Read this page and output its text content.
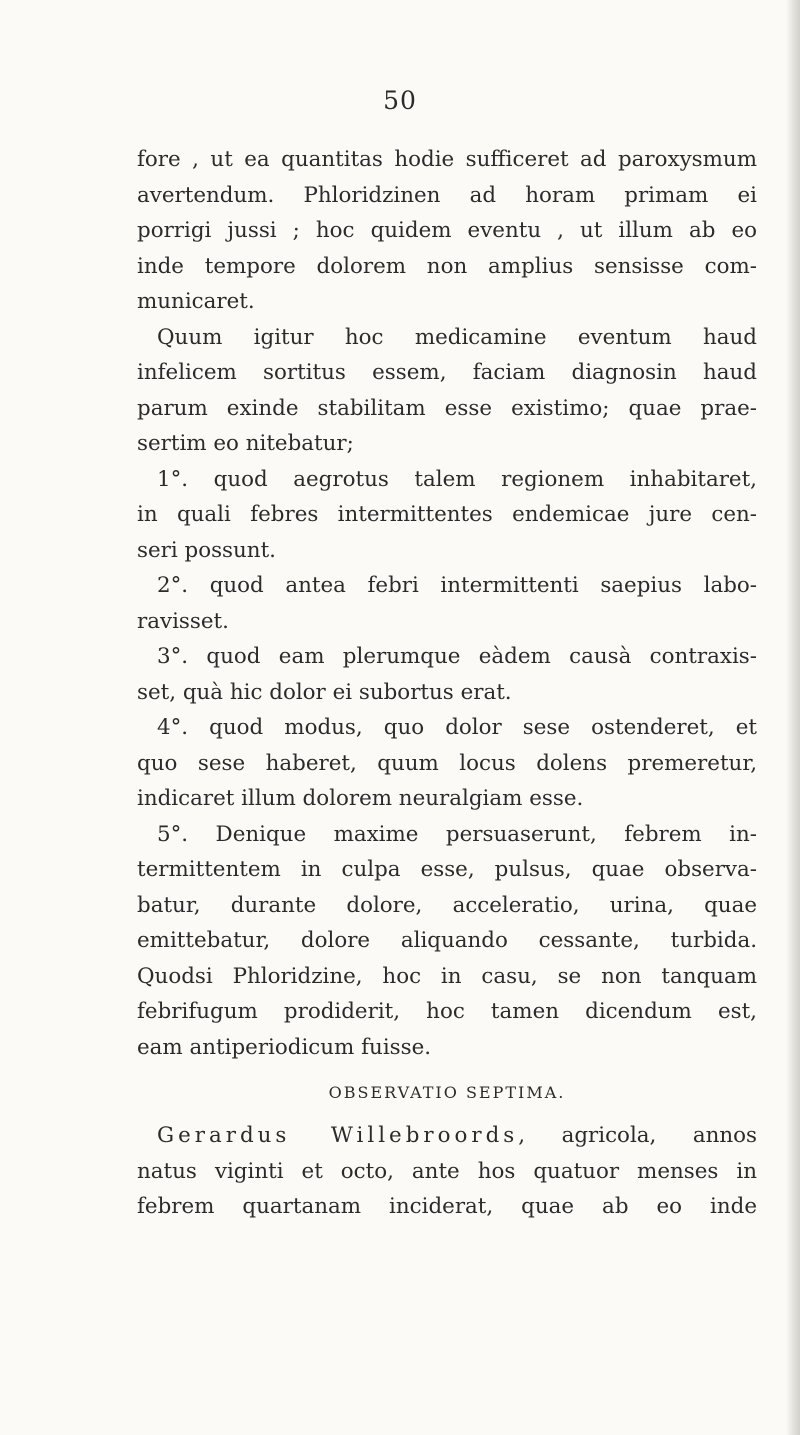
50
fore , ut ea quantitas hodie sufficeret ad paroxysmum
avertendum. Phloridzinen ad horam primam ei
porrigi jussi ; hoc quidem eventu , ut illum ab eo
inde tempore dolorem non amplius sensisse com-
municaret.
Quum igitur hoc medicamine eventum haud
infelicem sortitus essem, faciam diagnosin haud
parum exinde stabilitam esse existimo; quae prae-
sertim eo nitebatur;
1°. quod aegrotus talem regionem inhabitaret,
in quali febres intermittentes endemicae jure cen-
seri possunt.
2°. quod antea febri intermittenti saepius labo-
ravisset.
3°. quod eam plerumque eàdem causà contraxis-
set, quà hic dolor ei subortus erat.
4°. quod modus, quo dolor sese ostenderet, et
quo sese haberet, quum locus dolens premeretur,
indicaret illum dolorem neuralgiam esse.
5°. Denique maxime persuaserunt, febrem in-
termittentem in culpa esse, pulsus, quae observa-
batur, durante dolore, acceleratio, urina, quae
emittebatur, dolore aliquando cessante, turbida.
Quodsi Phloridzine, hoc in casu, se non tanquam
febrifugum prodiderit, hoc tamen dicendum est,
eam antiperiodicum fuisse.
OBSERVATIO SEPTIMA.
Gerardus Willebroords, agricola, annos
natus viginti et octo, ante hos quatuor menses in
febrem quartanam inciderat, quae ab eo inde
